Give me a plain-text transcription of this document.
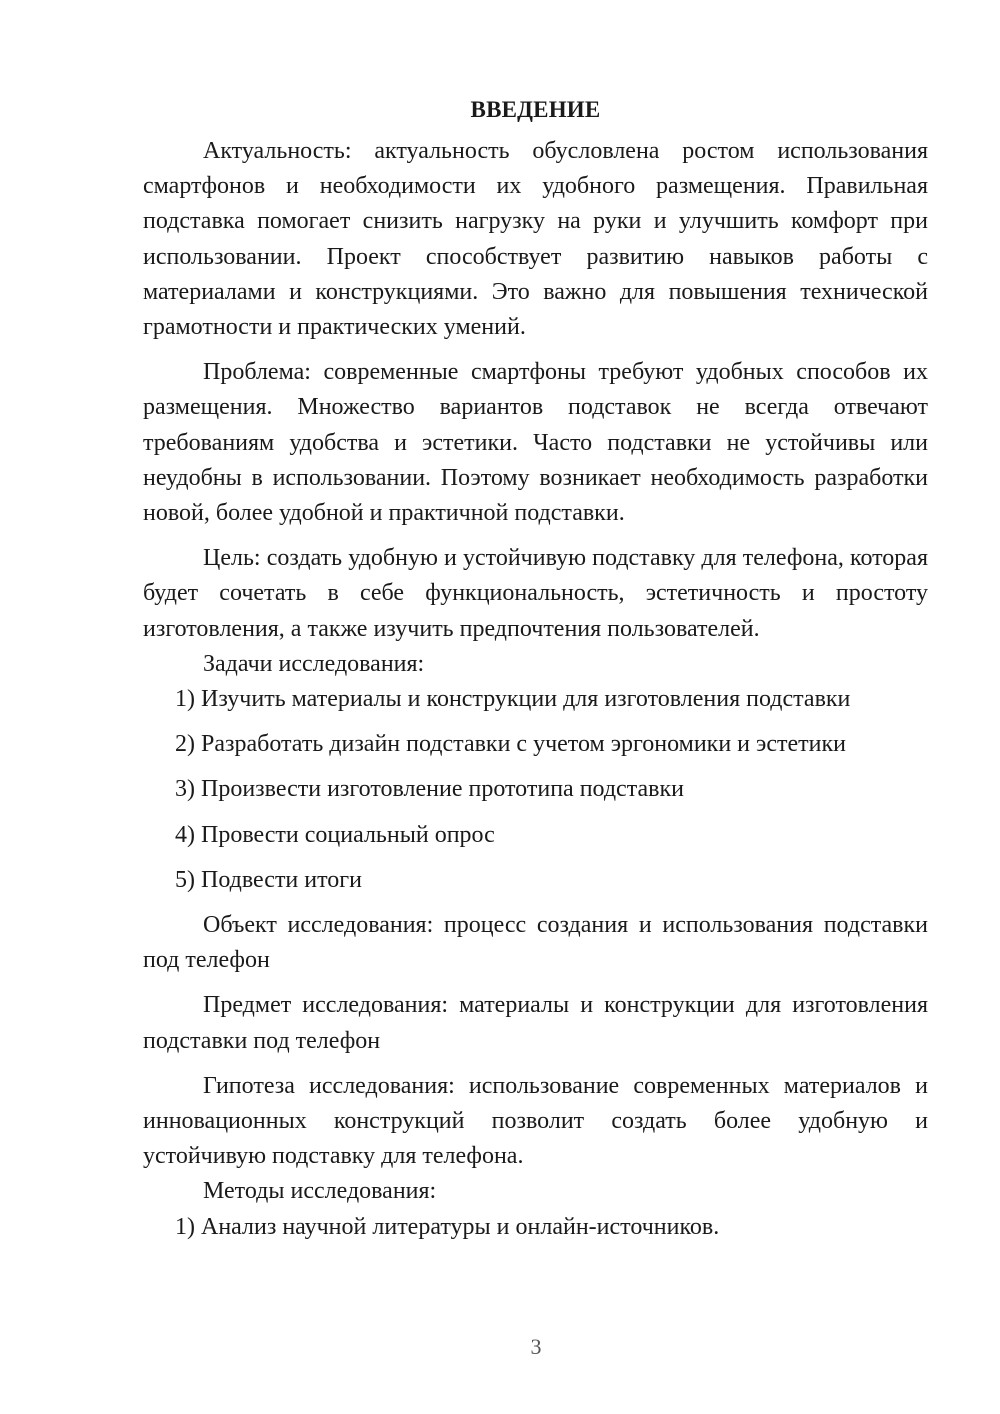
ВВЕДЕНИЕ

Актуальность: актуальность обусловлена ростом использования смартфонов и необходимости их удобного размещения. Правильная подставка помогает снизить нагрузку на руки и улучшить комфорт при использовании. Проект способствует развитию навыков работы с материалами и конструкциями. Это важно для повышения технической грамотности и практических умений.

Проблема: современные смартфоны требуют удобных способов их размещения. Множество вариантов подставок не всегда отвечают требованиям удобства и эстетики. Часто подставки не устойчивы или неудобны в использовании. Поэтому возникает необходимость разработки новой, более удобной и практичной подставки.

Цель: создать удобную и устойчивую подставку для телефона, которая будет сочетать в себе функциональность, эстетичность и простоту изготовления, а также изучить предпочтения пользователей.

Задачи исследования:

1) Изучить материалы и конструкции для изготовления подставки
2) Разработать дизайн подставки с учетом эргономики и эстетики
3) Произвести изготовление прототипа подставки
4) Провести социальный опрос
5) Подвести итоги

Объект исследования: процесс создания и использования подставки под телефон

Предмет исследования: материалы и конструкции для изготовления подставки под телефон

Гипотеза исследования: использование современных материалов и инновационных конструкций позволит создать более удобную и устойчивую подставку для телефона.

Методы исследования:

1) Анализ научной литературы и онлайн-источников.
3
